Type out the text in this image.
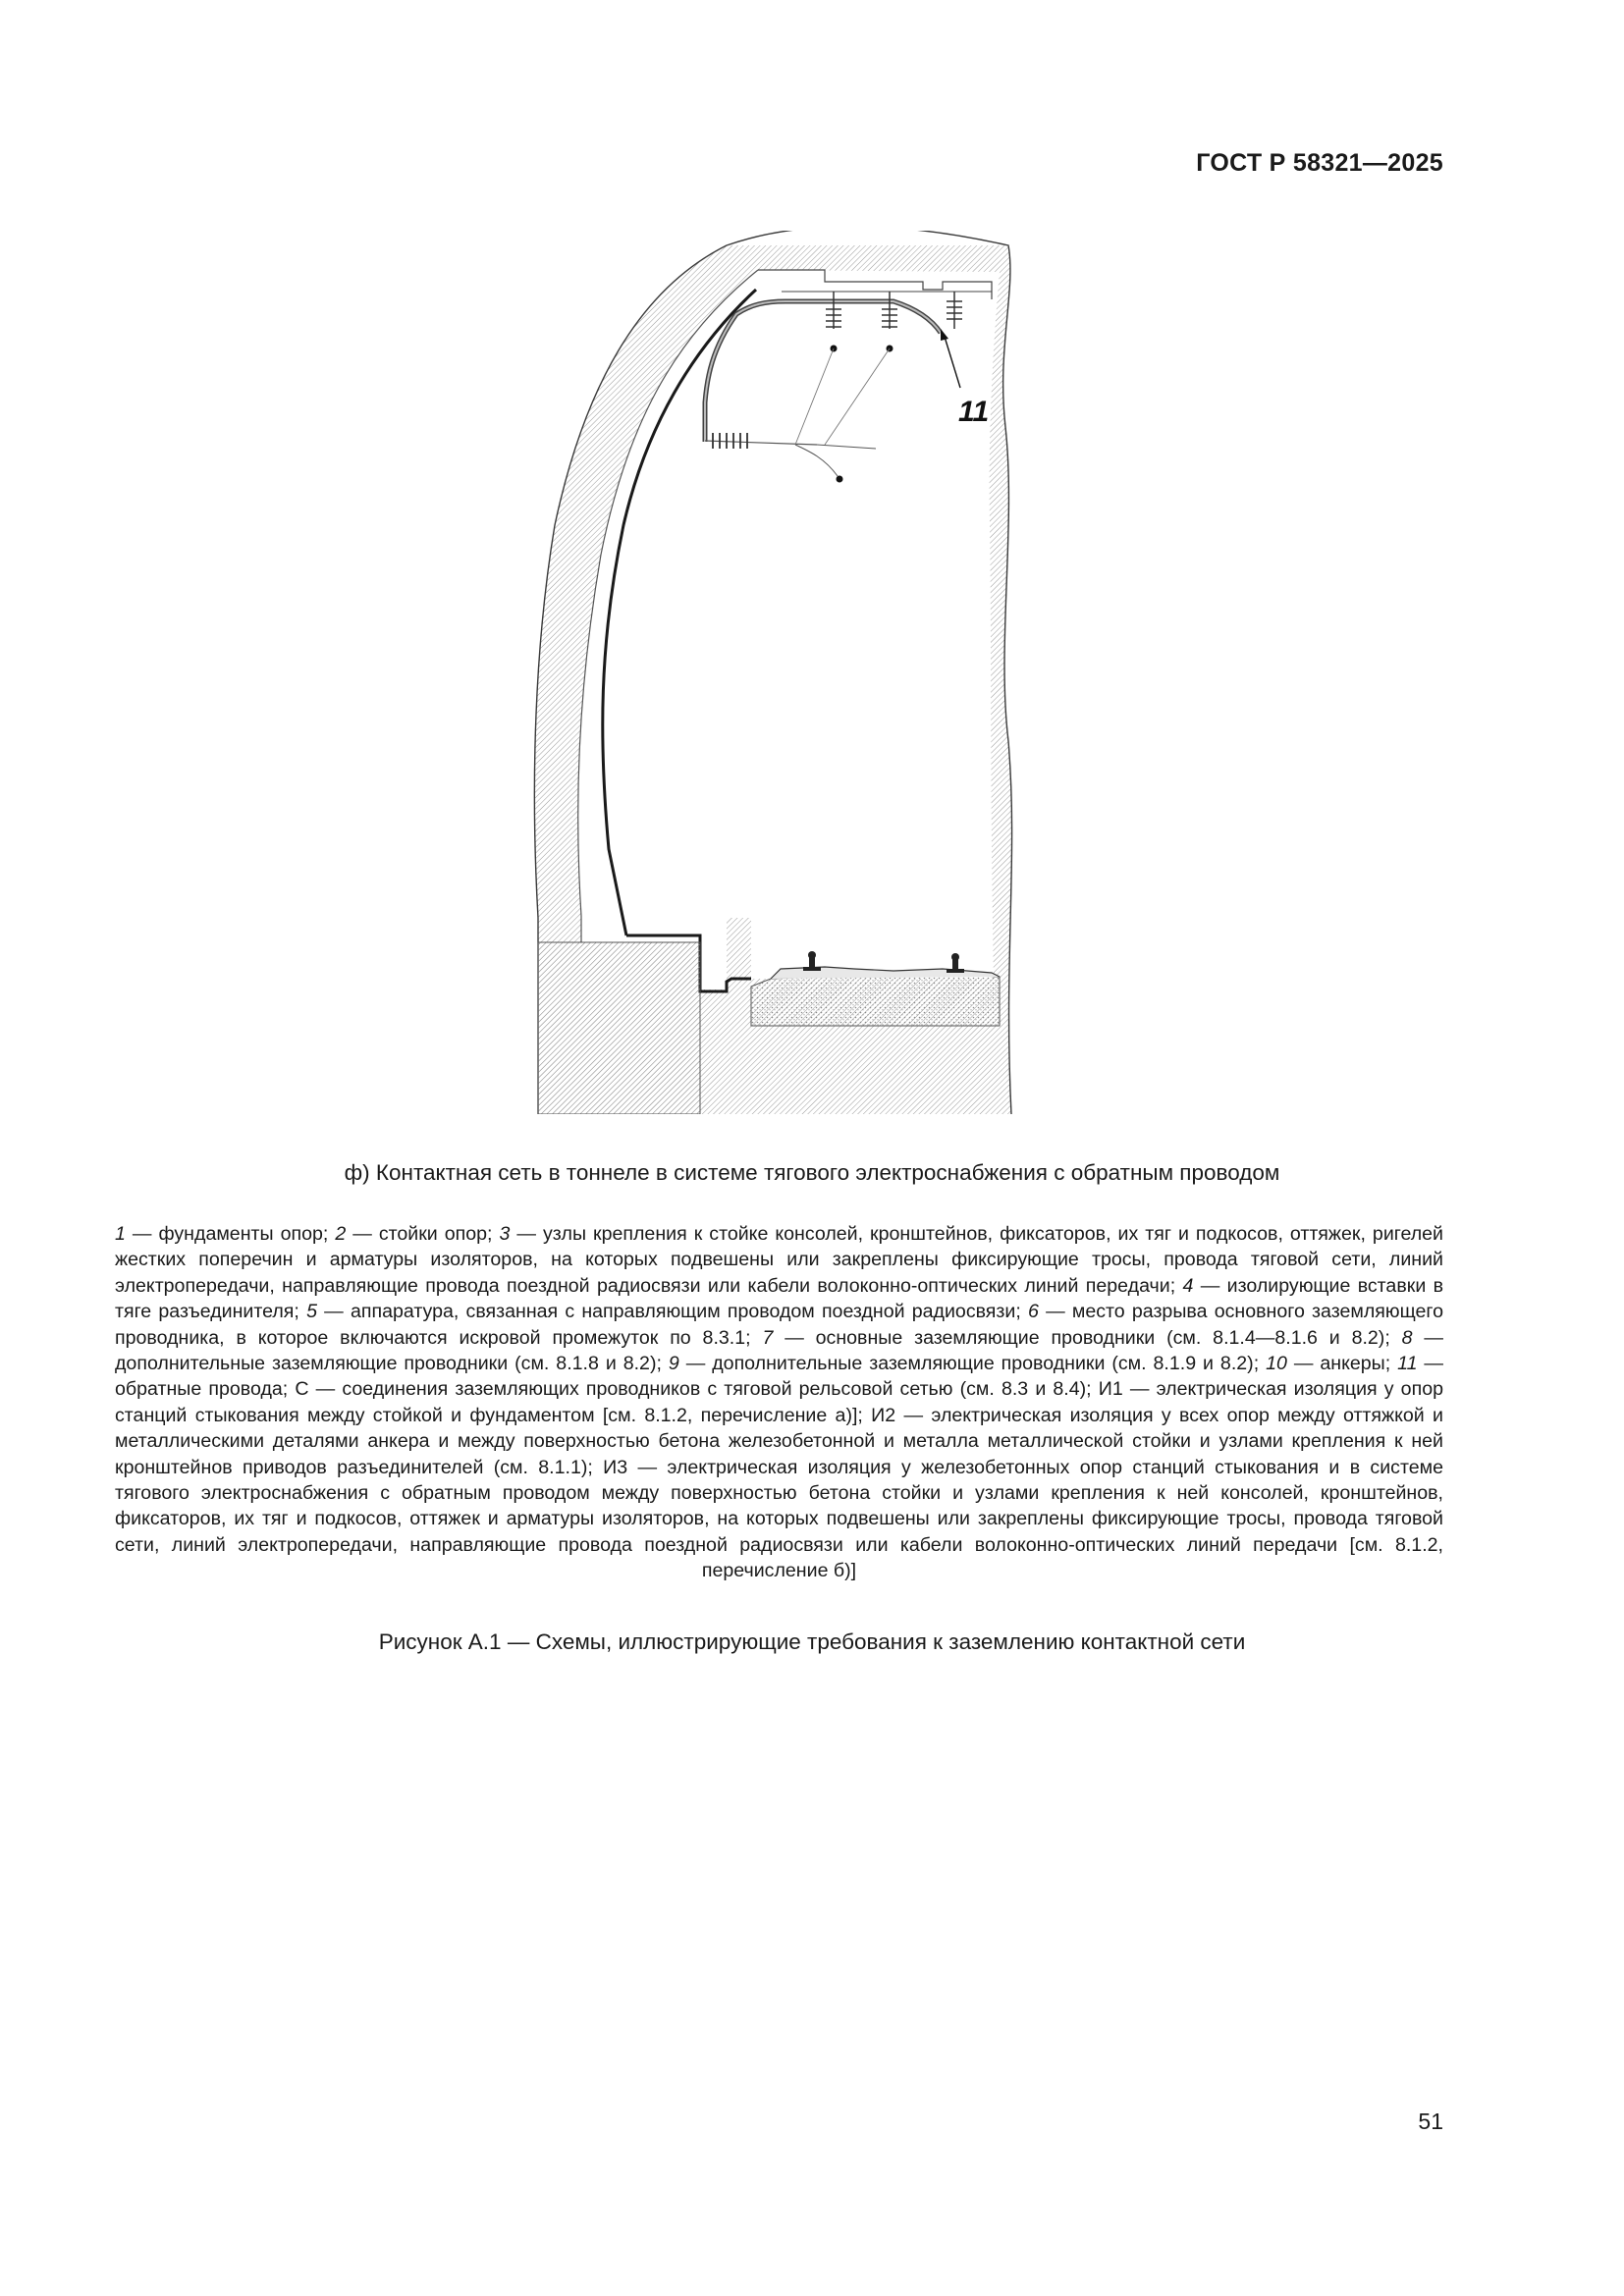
ГОСТ Р 58321—2025
11
ф) Контактная сеть в тоннеле в системе тягового электроснабжения с обратным проводом
1 — фундаменты опор; 2 — стойки опор; 3 — узлы крепления к стойке консолей, кронштейнов, фиксаторов, их тяг и подкосов, оттяжек, ригелей жестких поперечин и арматуры изоляторов, на которых подвешены или закреплены фиксирующие тросы, провода тяговой сети, линий электропередачи, направляющие провода поездной радиосвязи или кабели волоконно-оптических линий передачи; 4 — изолирующие вставки в тяге разъединителя; 5 — аппаратура, связанная с направляющим проводом поездной радиосвязи; 6 — место разрыва основного заземляющего проводника, в которое включаются искровой промежуток по 8.3.1; 7 — основные заземляющие проводники (см. 8.1.4—8.1.6 и 8.2); 8 — дополнительные заземляющие проводники (см. 8.1.8 и 8.2); 9 — дополнительные заземляющие проводники (см. 8.1.9 и 8.2); 10 — анкеры; 11 — обратные провода; С — соединения заземляющих проводников с тяговой рельсовой сетью (см. 8.3 и 8.4); И1 — электрическая изоляция у опор станций стыкования между стойкой и фундаментом [см. 8.1.2, перечисление а)]; И2 — электрическая изоляция у всех опор между оттяжкой и металлическими деталями анкера и между поверхностью бетона железобетонной и металла металлической стойки и узлами крепления к ней кронштейнов приводов разъединителей (см. 8.1.1); И3 — электрическая изоляция у железобетонных опор станций стыкования и в системе тягового электроснабжения с обратным проводом между поверхностью бетона стойки и узлами крепления к ней консолей, кронштейнов, фиксаторов, их тяг и подкосов, оттяжек и арматуры изоляторов, на которых подвешены или закреплены фиксирующие тросы, провода тяговой сети, линий электропередачи, направляющие провода поездной радиосвязи или кабели волоконно-оптических линий передачи [см. 8.1.2, перечисление б)]
Рисунок А.1 — Схемы, иллюстрирующие требования к заземлению контактной сети
51
